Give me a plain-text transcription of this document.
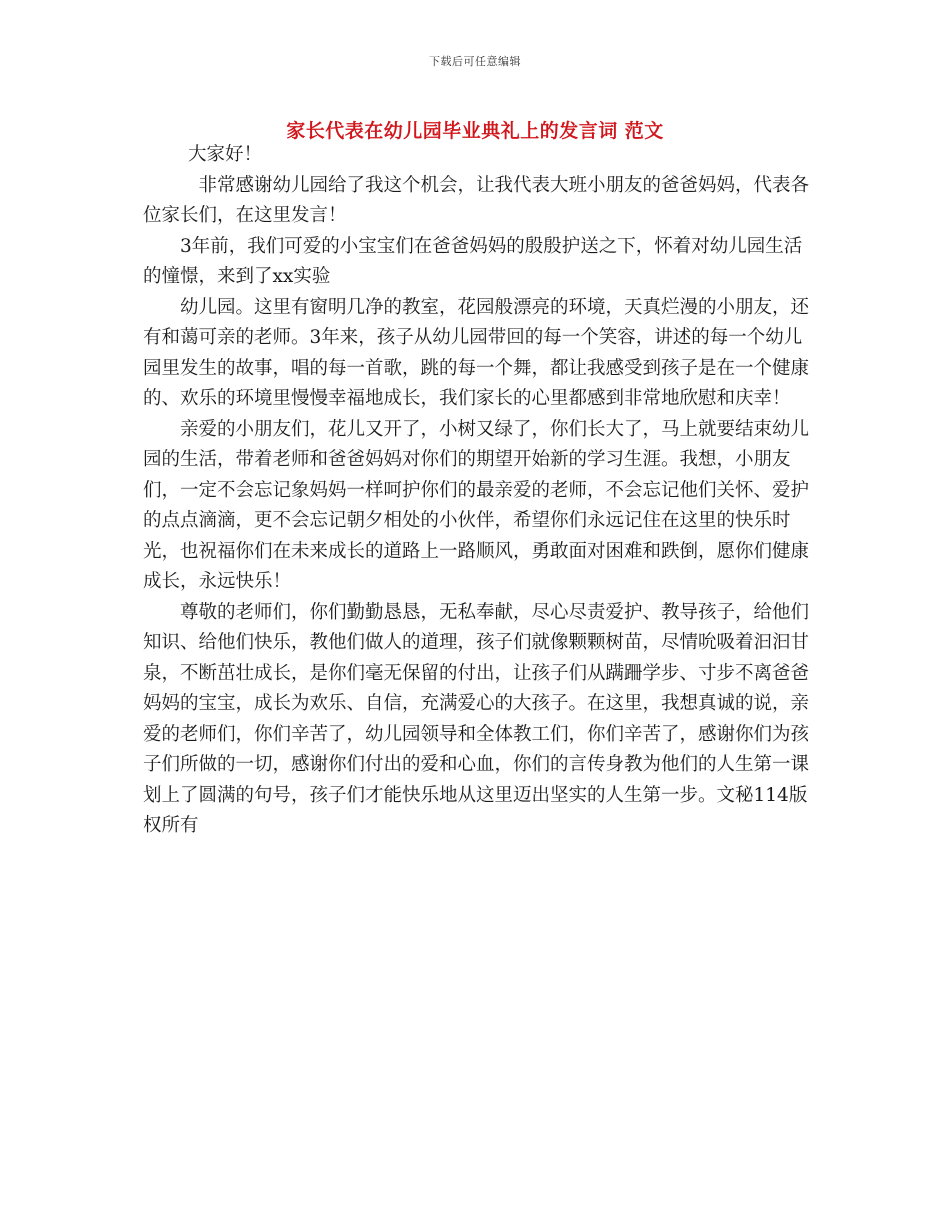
下载后可任意编辑
家长代表在幼儿园毕业典礼上的发言词 范文

大家好！

非常感谢幼儿园给了我这个机会，让我代表大班小朋友的爸爸妈妈，代表各位家长们，在这里发言！

3年前，我们可爱的小宝宝们在爸爸妈妈的殷殷护送之下，怀着对幼儿园生活的憧憬，来到了xx实验

幼儿园。这里有窗明几净的教室，花园般漂亮的环境，天真烂漫的小朋友，还有和蔼可亲的老师。3年来，孩子从幼儿园带回的每一个笑容，讲述的每一个幼儿园里发生的故事，唱的每一首歌，跳的每一个舞，都让我感受到孩子是在一个健康的、欢乐的环境里慢慢幸福地成长，我们家长的心里都感到非常地欣慰和庆幸！

亲爱的小朋友们，花儿又开了，小树又绿了，你们长大了，马上就要结束幼儿园的生活，带着老师和爸爸妈妈对你们的期望开始新的学习生涯。我想，小朋友们，一定不会忘记象妈妈一样呵护你们的最亲爱的老师，不会忘记他们关怀、爱护的点点滴滴，更不会忘记朝夕相处的小伙伴，希望你们永远记住在这里的快乐时光，也祝福你们在未来成长的道路上一路顺风，勇敢面对困难和跌倒，愿你们健康成长，永远快乐！

尊敬的老师们，你们勤勤恳恳，无私奉献，尽心尽责爱护、教导孩子，给他们知识、给他们快乐，教他们做人的道理，孩子们就像颗颗树苗，尽情吮吸着汩汩甘泉，不断茁壮成长，是你们毫无保留的付出，让孩子们从蹒跚学步、寸步不离爸爸妈妈的宝宝，成长为欢乐、自信，充满爱心的大孩子。在这里，我想真诚的说，亲爱的老师们，你们辛苦了，幼儿园领导和全体教工们，你们辛苦了，感谢你们为孩子们所做的一切，感谢你们付出的爱和心血，你们的言传身教为他们的人生第一课划上了圆满的句号，孩子们才能快乐地从这里迈出坚实的人生第一步。文秘114版权所有
